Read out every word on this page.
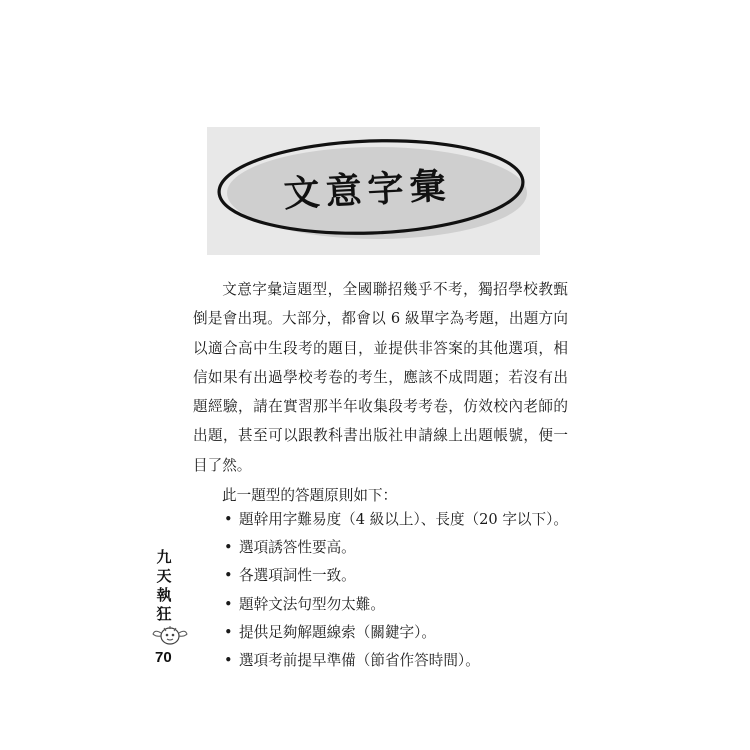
文意字彙

文意字彙這題型，全國聯招幾乎不考，獨招學校教甄倒是會出現。大部分，都會以 6 級單字為考題，出題方向以適合高中生段考的題目，並提供非答案的其他選項，相信如果有出過學校考卷的考生，應該不成問題；若沒有出題經驗，請在實習那半年收集段考考卷，仿效校內老師的出題，甚至可以跟教科書出版社申請線上出題帳號，便一目了然。

此一題型的答題原則如下：
• 題幹用字難易度（4 級以上）、長度（20 字以下）。
• 選項誘答性要高。
• 各選項詞性一致。
• 題幹文法句型勿太難。
• 提供足夠解題線索（關鍵字）。
• 選項考前提早準備（節省作答時間）。
九
天
執
狂
70
